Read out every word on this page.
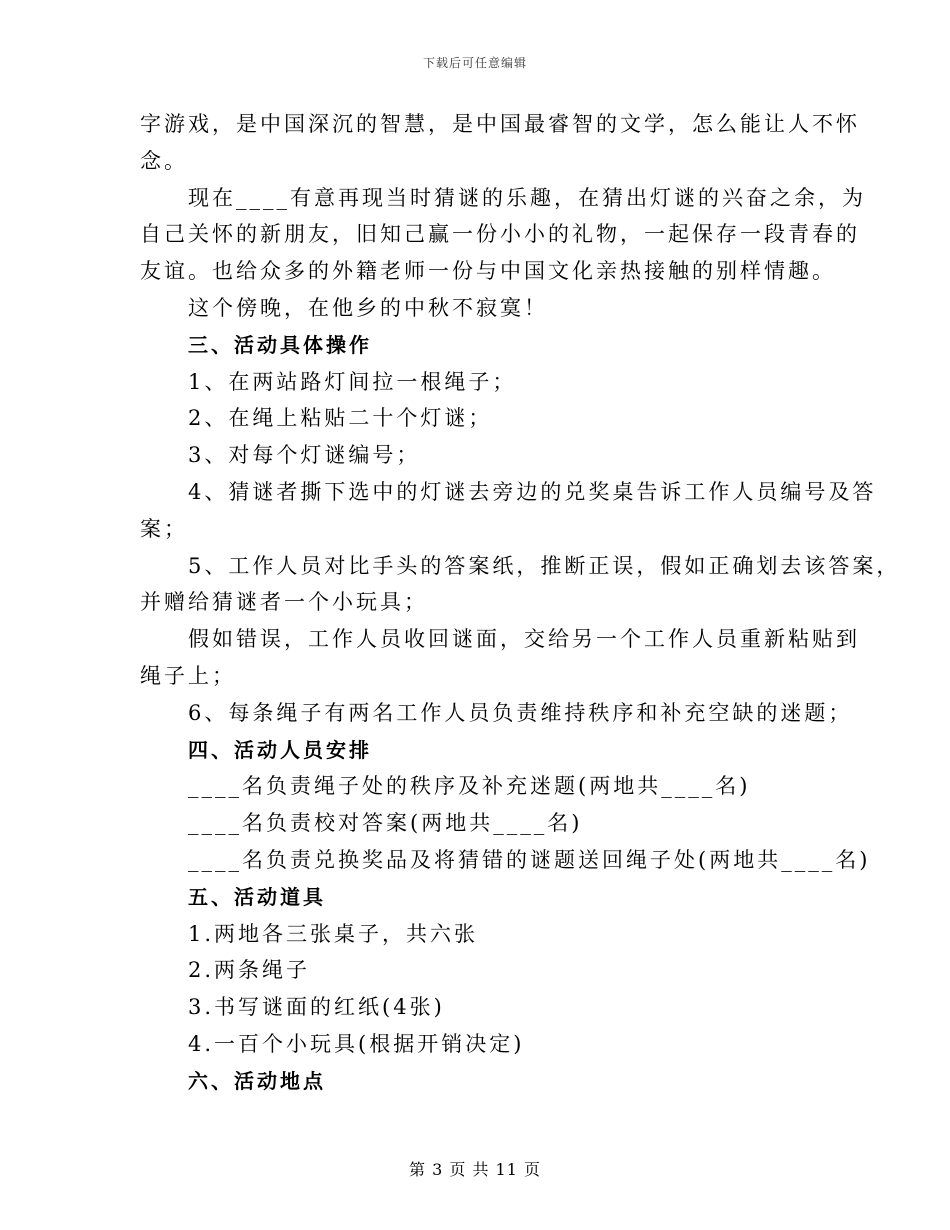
下载后可任意编辑
字游戏，是中国深沉的智慧，是中国最睿智的文学，怎么能让人不怀
念。
现在____有意再现当时猜谜的乐趣，在猜出灯谜的兴奋之余，为
自己关怀的新朋友，旧知己赢一份小小的礼物，一起保存一段青春的
友谊。也给众多的外籍老师一份与中国文化亲热接触的别样情趣。
这个傍晚，在他乡的中秋不寂寞！
三、活动具体操作
1、在两站路灯间拉一根绳子；
2、在绳上粘贴二十个灯谜；
3、对每个灯谜编号；
4、猜谜者撕下选中的灯谜去旁边的兑奖桌告诉工作人员编号及答
案；
5、工作人员对比手头的答案纸，推断正误，假如正确划去该答案，
并赠给猜谜者一个小玩具；
假如错误，工作人员收回谜面，交给另一个工作人员重新粘贴到
绳子上；
6、每条绳子有两名工作人员负责维持秩序和补充空缺的迷题；
四、活动人员安排
____名负责绳子处的秩序及补充迷题(两地共____名)
____名负责校对答案(两地共____名)
____名负责兑换奖品及将猜错的谜题送回绳子处(两地共____名)
五、活动道具
1.两地各三张桌子，共六张
2.两条绳子
3.书写谜面的红纸(4张)
4.一百个小玩具(根据开销决定)
六、活动地点
第 3 页 共 11 页
